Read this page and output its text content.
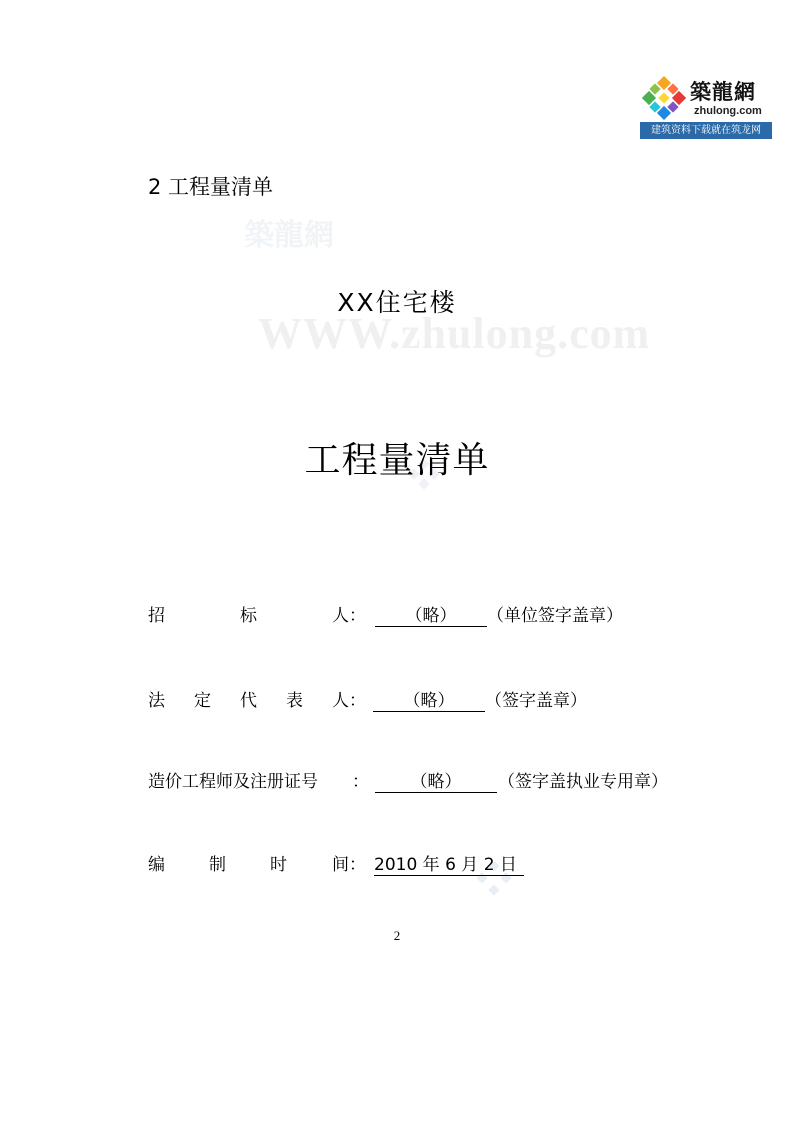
築龍網
zhulong.com
建筑资料下载就在筑龙网
2 工程量清单
築龍網
WWW.zhulong.com
XX住宅楼
工程量清单
招	标	人 ：	（略）	（单位签字盖章）
法 定 代 表 人 ：	（略）	（签字盖章）
造价工程师及注册证号 ：	（略）	（签字盖执业专用章）
编	制	时	间 ： 2010 年 6 月 2 日
2
